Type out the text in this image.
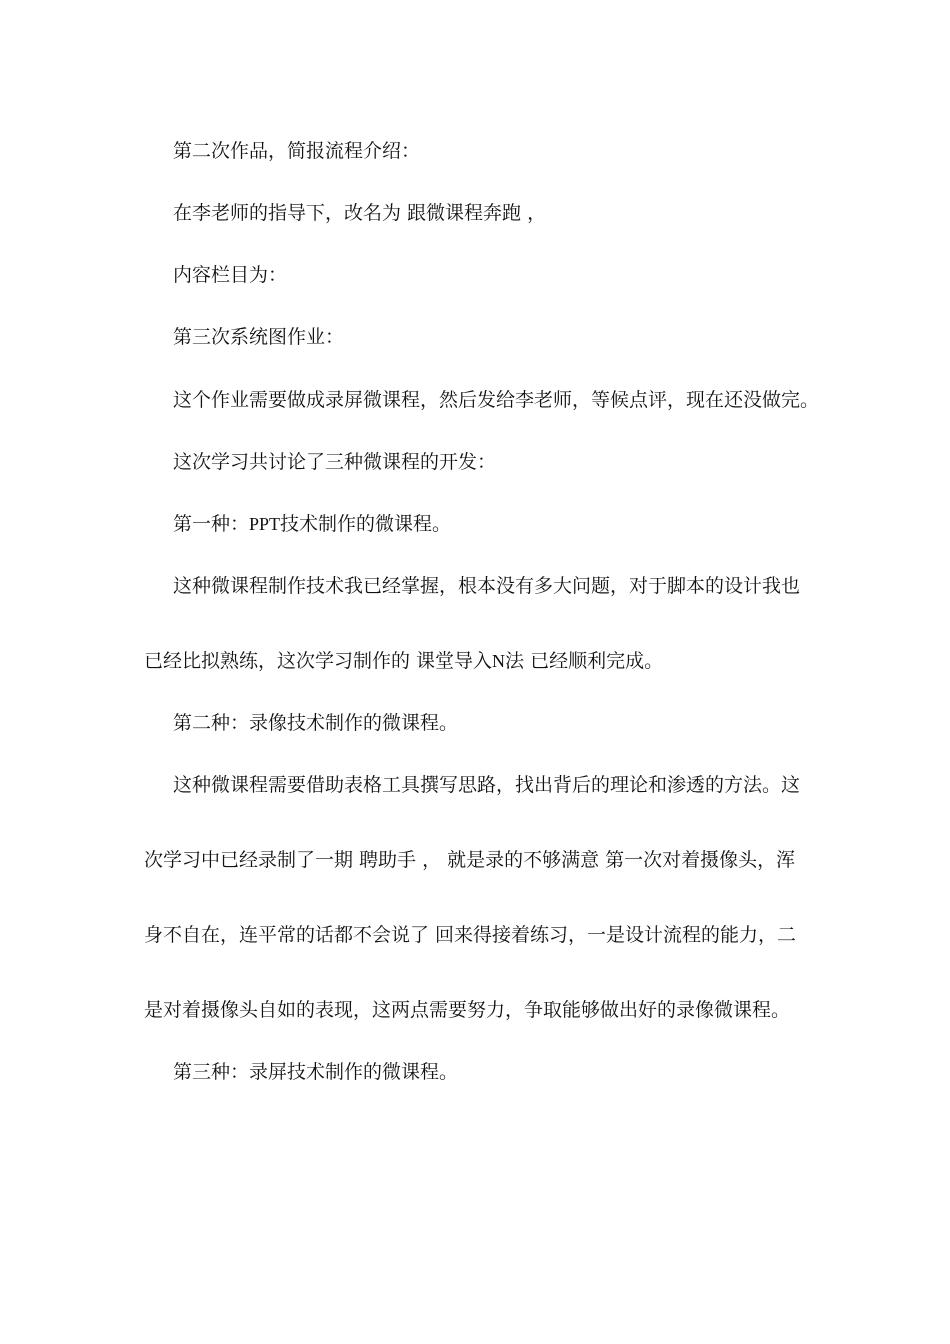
第二次作品，简报流程介绍：
在李老师的指导下，改名为 跟微课程奔跑 ，
内容栏目为：
第三次系统图作业：
这个作业需要做成录屏微课程，然后发给李老师，等候点评，现在还没做完。
这次学习共讨论了三种微课程的开发：
第一种：PPT技术制作的微课程。
这种微课程制作技术我已经掌握，根本没有多大问题，对于脚本的设计我也
已经比拟熟练，这次学习制作的 课堂导入N法 已经顺利完成。
第二种：录像技术制作的微课程。
这种微课程需要借助表格工具撰写思路，找出背后的理论和渗透的方法。这
次学习中已经录制了一期 聘助手 ， 就是录的不够满意 第一次对着摄像头，浑
身不自在，连平常的话都不会说了 回来得接着练习，一是设计流程的能力，二
是对着摄像头自如的表现，这两点需要努力，争取能够做出好的录像微课程。
第三种：录屏技术制作的微课程。
